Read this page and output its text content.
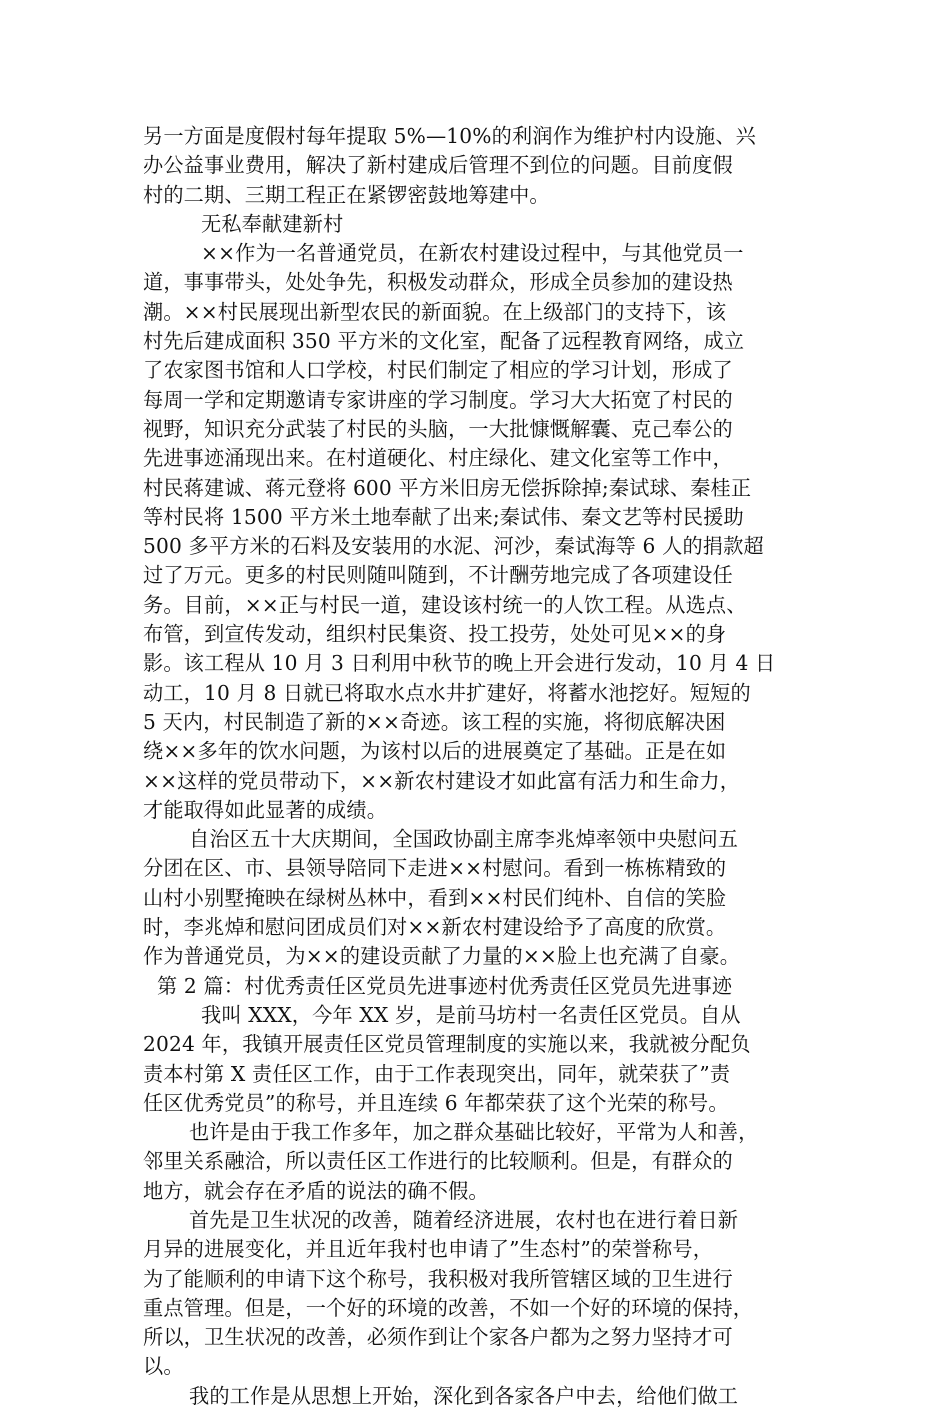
另一方面是度假村每年提取 5%—10%的利润作为维护村内设施、兴
办公益事业费用，解决了新村建成后管理不到位的问题。目前度假
村的二期、三期工程正在紧锣密鼓地筹建中。
无私奉献建新村
××作为一名普通党员，在新农村建设过程中，与其他党员一
道，事事带头，处处争先，积极发动群众，形成全员参加的建设热
潮。××村民展现出新型农民的新面貌。在上级部门的支持下，该
村先后建成面积 350 平方米的文化室，配备了远程教育网络，成立
了农家图书馆和人口学校，村民们制定了相应的学习计划，形成了
每周一学和定期邀请专家讲座的学习制度。学习大大拓宽了村民的
视野，知识充分武装了村民的头脑，一大批慷慨解囊、克己奉公的
先进事迹涌现出来。在村道硬化、村庄绿化、建文化室等工作中，
村民蒋建诚、蒋元登将 600 平方米旧房无偿拆除掉;秦试球、秦桂正
等村民将 1500 平方米土地奉献了出来;秦试伟、秦文艺等村民援助
500 多平方米的石料及安装用的水泥、河沙，秦试海等 6 人的捐款超
过了万元。更多的村民则随叫随到，不计酬劳地完成了各项建设任
务。目前，××正与村民一道，建设该村统一的人饮工程。从选点、
布管，到宣传发动，组织村民集资、投工投劳，处处可见××的身
影。该工程从 10 月 3 日利用中秋节的晚上开会进行发动，10 月 4 日
动工，10 月 8 日就已将取水点水井扩建好，将蓄水池挖好。短短的
5 天内，村民制造了新的××奇迹。该工程的实施，将彻底解决困
绕××多年的饮水问题，为该村以后的进展奠定了基础。正是在如
××这样的党员带动下，××新农村建设才如此富有活力和生命力，
才能取得如此显著的成绩。
自治区五十大庆期间，全国政协副主席李兆焯率领中央慰问五
分团在区、市、县领导陪同下走进××村慰问。看到一栋栋精致的
山村小别墅掩映在绿树丛林中，看到××村民们纯朴、自信的笑脸
时，李兆焯和慰问团成员们对××新农村建设给予了高度的欣赏。
作为普通党员，为××的建设贡献了力量的××脸上也充满了自豪。
第 2 篇：村优秀责任区党员先进事迹村优秀责任区党员先进事迹
我叫 XXX，今年 XX 岁，是前马坊村一名责任区党员。自从
2024 年，我镇开展责任区党员管理制度的实施以来，我就被分配负
责本村第 X 责任区工作，由于工作表现突出，同年，就荣获了”责
任区优秀党员”的称号，并且连续 6 年都荣获了这个光荣的称号。
也许是由于我工作多年，加之群众基础比较好，平常为人和善，
邻里关系融洽，所以责任区工作进行的比较顺利。但是，有群众的
地方，就会存在矛盾的说法的确不假。
首先是卫生状况的改善，随着经济进展，农村也在进行着日新
月异的进展变化，并且近年我村也申请了”生态村”的荣誉称号，
为了能顺利的申请下这个称号，我积极对我所管辖区域的卫生进行
重点管理。但是，一个好的环境的改善，不如一个好的环境的保持，
所以，卫生状况的改善，必须作到让个家各户都为之努力坚持才可
以。
我的工作是从思想上开始，深化到各家各户中去，给他们做工
